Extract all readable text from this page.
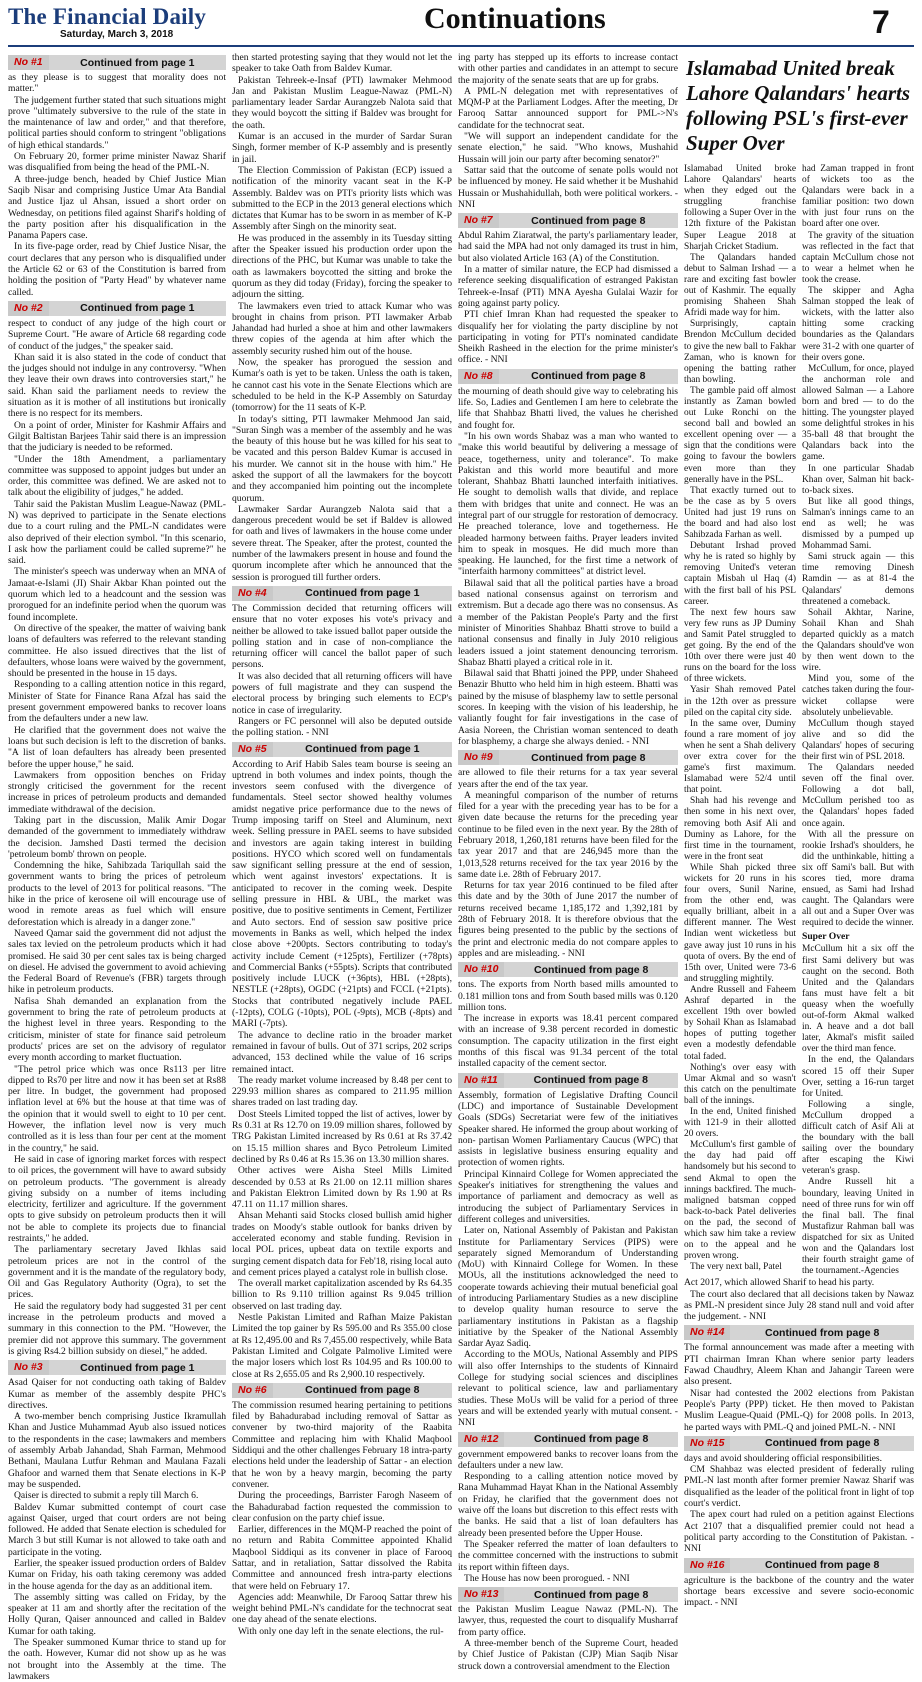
The Financial Daily
Saturday, March 3, 2018	Continuations	7
No #1	Continued from page 1

as they please is to suggest that morality does not matter."

The judgement further stated that such situations might prove "ultimately subversive to the rule of the state in the maintenance of law and order," and that therefore, political parties should conform to stringent "obligations of high ethical standards."

On February 20, former prime minister Nawaz Sharif was disqualified from being the head of the PML-N.

A three-judge bench, headed by Chief Justice Mian Saqib Nisar and comprising Justice Umar Ata Bandial and Justice Ijaz ul Ahsan, issued a short order on Wednesday, on petitions filed against Sharif's holding of the party position after his disqualification in the Panama Papers case.

In its five-page order, read by Chief Justice Nisar, the court declares that any person who is disqualified under the Article 62 or 63 of the Constitution is barred from holding the position of "Party Head" by whatever name called.

No #2	Continued from page 1

respect to conduct of any judge of the high court or Supreme Court. "He aware of Article 68 regarding code of conduct of the judges," the speaker said.

Khan said it is also stated in the code of conduct that the judges should not indulge in any controversy. "When they leave their own draws into controversies start," he said. Khan said the parliament needs to review the situation as it is mother of all institutions but ironically there is no respect for its members.

On a point of order, Minister for Kashmir Affairs and Gilgit Baltistan Barjees Tahir said there is an impression that the judiciary is needed to be reformed.

"Under the 18th Amendment, a parliamentary committee was supposed to appoint judges but under an order, this committee was defined. We are asked not to talk about the eligibility of judges," he added.

Tahir said the Pakistan Muslim League-Nawaz (PML-N) was deprived to participate in the Senate elections due to a court ruling and the PML-N candidates were also deprived of their election symbol. "In this scenario, I ask how the parliament could be called supreme?" he said.

The minister's speech was underway when an MNA of Jamaat-e-Islami (JI) Shair Akbar Khan pointed out the quorum which led to a headcount and the session was prorogued for an indefinite period when the quorum was found incomplete.

On directive of the speaker, the matter of waiving bank loans of defaulters was referred to the relevant standing committee. He also issued directives that the list of defaulters, whose loans were waived by the government, should be presented in the house in 15 days.

Responding to a calling attention notice in this regard, Minister of State for Finance Rana Afzal has said the present government empowered banks to recover loans from the defaulters under a new law.

He clarified that the government does not waive the loans but such decision is left to the discretion of banks. "A list of loan defaulters has already been presented before the upper house," he said.

Lawmakers from opposition benches on Friday strongly criticised the government for the recent increase in prices of petroleum products and demanded immediate withdrawal of the decision.

Taking part in the discussion, Malik Amir Dogar demanded of the government to immediately withdraw the decision. Jamshed Dasti termed the decision 'petroleum bomb' thrown on people.

Condemning the hike, Sahibzada Tariqullah said the government wants to bring the prices of petroleum products to the level of 2013 for political reasons. "The hike in the price of kerosene oil will encourage use of wood in remote areas as fuel which will ensure deforestation which is already in a danger zone."

Naveed Qamar said the government did not adjust the sales tax levied on the petroleum products which it had promised. He said 30 per cent sales tax is being charged on diesel. He advised the government to avoid achieving the Federal Board of Revenue's (FBR) targets through hike in petroleum products.

Nafisa Shah demanded an explanation from the government to bring the rate of petroleum products at the highest level in three years. Responding to the criticism, minister of state for finance said petroleum products' prices are set on the advisory of regulator every month according to market fluctuation.

"The petrol price which was once Rs113 per litre dipped to Rs70 per litre and now it has been set at Rs88 per litre. In budget, the government had proposed inflation level at 6% but the house at that time was of the opinion that it would swell to eight to 10 per cent. However, the inflation level now is very much controlled as it is less than four per cent at the moment in the country," he said.

He said in case of ignoring market forces with respect to oil prices, the government will have to award subsidy on petroleum products. "The government is already giving subsidy on a number of items including electricity, fertilizer and agriculture. If the government opts to give subsidy on petroleum products then it will not be able to complete its projects due to financial restraints," he added.

The parliamentary secretary Javed Ikhlas said petroleum prices are not in the control of the government and it is the mandate of the regulatory body, Oil and Gas Regulatory Authority (Ogra), to set the prices.

He said the regulatory body had suggested 31 per cent increase in the petroleum products and moved a summary in this connection to the PM. "However, the premier did not approve this summary. The government is giving Rs4.2 billion subsidy on diesel," he added.

No #3	Continued from page 1

Asad Qaiser for not conducting oath taking of Baldev Kumar as member of the assembly despite PHC's directives.

A two-member bench comprising Justice Ikramullah Khan and Justice Muhammad Ayub also issued notices to the respondents in the case; lawmakers and members of assembly Arbab Jahandad, Shah Farman, Mehmood Bethani, Maulana Lutfur Rehman and Maulana Fazali Ghafoor and warned them that Senate elections in K-P may be suspended.

Qaiser is directed to submit a reply till March 6.

Baldev Kumar submitted contempt of court case against Qaiser, urged that court orders are not being followed. He added that Senate election is scheduled for March 3 but still Kumar is not allowed to take oath and participate in the voting.

Earlier, the speaker issued production orders of Baldev Kumar on Friday, his oath taking ceremony was added in the house agenda for the day as an additional item.

The assembly sitting was called on Friday, by the speaker at 11 am and shortly after the recitation of the Holly Quran, Qaiser announced and called in Baldev Kumar for oath taking.

The Speaker summoned Kumar thrice to stand up for the oath. However, Kumar did not show up as he was not brought into the Assembly at the time. The lawmakers

then started protesting saying that they would not let the speaker to take Oath from Baldev Kumar.

Pakistan Tehreek-e-Insaf (PTI) lawmaker Mehmood Jan and Pakistan Muslim League-Nawaz (PML-N) parliamentary leader Sardar Aurangzeb Nalota said that they would boycott the sitting if Baldev was brought for the oath.

Kumar is an accused in the murder of Sardar Suran Singh, former member of K-P assembly and is presently in jail.

The Election Commission of Pakistan (ECP) issued a notification of the minority vacant seat in the K-P Assembly. Baldev was on PTI's priority lists which was submitted to the ECP in the 2013 general elections which dictates that Kumar has to be sworn in as member of K-P Assembly after Singh on the minority seat.

He was produced in the assembly in its Tuesday sitting after the Speaker issued his production order upon the directions of the PHC, but Kumar was unable to take the oath as lawmakers boycotted the sitting and broke the quorum as they did today (Friday), forcing the speaker to adjourn the sitting.

The lawmakers even tried to attack Kumar who was brought in chains from prison. PTI lawmaker Arbab Jahandad had hurled a shoe at him and other lawmakers threw copies of the agenda at him after which the assembly security rushed him out of the house.

Now, the speaker has prorogued the session and Kumar's oath is yet to be taken. Unless the oath is taken, he cannot cast his vote in the Senate Elections which are scheduled to be held in the K-P Assembly on Saturday (tomorrow) for the 11 seats of K-P.

In today's sitting, PTI lawmaker Mehmood Jan said, "Suran Singh was a member of the assembly and he was the beauty of this house but he was killed for his seat to be vacated and this person Baldev Kumar is accused in his murder. We cannot sit in the house with him." He asked the support of all the lawmakers for the boycott and they accompanied him pointing out the incomplete quorum.

Lawmaker Sardar Aurangzeb Nalota said that a dangerous precedent would be set if Baldev is allowed for oath and lives of lawmakers in the house come under severe threat. The Speaker, after the protest, counted the number of the lawmakers present in house and found the quorum incomplete after which he announced that the session is prorogued till further orders.

No #4	Continued from page 1

The Commission decided that returning officers will ensure that no voter exposes his vote's privacy and neither be allowed to take issued ballot paper outside the polling station and in case of non-compliance the returning officer will cancel the ballot paper of such persons.

It was also decided that all returning officers will have powers of full magistrate and they can suspend the electoral process by bringing such elements to ECP's notice in case of irregularity.

Rangers or FC personnel will also be deputed outside the polling station. - NNI

No #5	Continued from page 1

According to Arif Habib Sales team bourse is seeing an uptrend in both volumes and index points, though the investors seem confused with the divergence of fundamentals. Steel sector showed healthy volumes amidst negative price performance due to the news of Trump imposing tariff on Steel and Aluminum, next week. Selling pressure in PAEL seems to have subsided and investors are again taking interest in building positions. HYCO which scored well on fundamentals saw significant selling pressure at the end of session, which went against investors' expectations. It is anticipated to recover in the coming week. Despite selling pressure in HBL & UBL, the market was positive, due to positive sentiments in Cement, Fertilizer and Auto sectors. End of session saw positive price movements in Banks as well, which helped the index close above +200pts. Sectors contributing to today's activity include Cement (+125pts), Fertilizer (+78pts) and Commercial Banks (+55pts). Scripts that contributed positively include LUCK (+36pts), HBL (+28pts), NESTLE (+28pts), OGDC (+21pts) and FCCL (+21pts). Stocks that contributed negatively include PAEL (-12pts), COLG (-10pts), POL (-9pts), MCB (-8pts) and MARI (-7pts).

The advance to decline ratio in the broader market remained in favour of bulls. Out of 371 scrips, 202 scrips advanced, 153 declined while the value of 16 scrips remained intact.

The ready market volume increased by 8.48 per cent to 229.93 million shares as compared to 211.95 million shares traded on last trading day.

Dost Steels Limited topped the list of actives, lower by Rs 0.31 at Rs 12.70 on 19.09 million shares, followed by TRG Pakistan Limited increased by Rs 0.61 at Rs 37.42 on 15.15 million shares and Byco Petroleum Limited declined by Rs 0.46 at Rs 15.36 on 13.30 million shares.

Other actives were Aisha Steel Mills Limited descended by 0.53 at Rs 21.00 on 12.11 million shares and Pakistan Elektron Limited down by Rs 1.90 at Rs 47.11 on 11.17 million shares.

Ahsan Mehanti said Stocks closed bullish amid higher trades on Moody's stable outlook for banks driven by accelerated economy and stable funding. Revision in local POL prices, upbeat data on textile exports and surging cement dispatch data for Feb'18, rising local auto and cement prices played a catalyst role in bullish close.

The overall market capitalization ascended by Rs 64.35 billion to Rs 9.110 trillion against Rs 9.045 trillion observed on last trading day.

Nestle Pakistan Limited and Rafhan Maize Pakistan Limited the top gainer by Rs 595.00 and Rs 355.00 close at Rs 12,495.00 and Rs 7,455.00 respectively, while Bata Pakistan Limited and Colgate Palmolive Limited were the major losers which lost Rs 104.95 and Rs 100.00 to close at Rs 2,655.05 and Rs 2,900.10 respectively.

No #6	Continued from page 8

The commission resumed hearing pertaining to petitions filed by Bahadurabad including removal of Sattar as convener by two-third majority of the Raabita Committee and replacing him with Khalid Maqbool Siddiqui and the other challenges February 18 intra-party elections held under the leadership of Sattar - an election that he won by a heavy margin, becoming the party convener.

During the proceedings, Barrister Farogh Naseem of the Bahadurabad faction requested the commission to clear confusion on the party chief issue.

Earlier, differences in the MQM-P reached the point of no return and Rabita Committee appointed Khalid Maqbool Siddiqui as its convener in place of Farooq Sattar, and in retaliation, Sattar dissolved the Rabita Committee and announced fresh intra-party elections that were held on February 17.

Agencies add: Meanwhile, Dr Farooq Sattar threw his weight behind PML-N's candidate for the technocrat seat one day ahead of the senate elections.

With only one day left in the senate elections, the rul-

ing party has stepped up its efforts to increase contact with other parties and candidates in an attempt to secure the majority of the senate seats that are up for grabs.

A PML-N delegation met with representatives of MQM-P at the Parliament Lodges. After the meeting, Dr Farooq Sattar announced support for PML->N's candidate for the technocrat seat.

"We will support an independent candidate for the senate election," he said. "Who knows, Mushahid Hussain will join our party after becoming senator?"

Sattar said that the outcome of senate polls would not be influenced by money. He said whether it be Mushahid Hussain or Mushahidullah, both were political workers. - NNI

No #7	Continued from page 8

Abdul Rahim Ziaratwal, the party's parliamentary leader, had said the MPA had not only damaged its trust in him, but also violated Article 163 (A) of the Constitution.

In a matter of similar nature, the ECP had dismissed a reference seeking disqualification of estranged Pakistan Tehreek-e-Insaf (PTI) MNA Ayesha Gulalai Wazir for going against party policy.

PTI chief Imran Khan had requested the speaker to disqualify her for violating the party discipline by not participating in voting for PTI's nominated candidate Sheikh Rasheed in the election for the prime minister's office. - NNI

No #8	Continued from page 8

the mourning of death should give way to celebrating his life. So, Ladies and Gentlemen I am here to celebrate the life that Shahbaz Bhatti lived, the values he cherished and fought for.

"In his own words Shabaz was a man who wanted to "make this world beautiful by delivering a message of peace, togetherness, unity and tolerance". To make Pakistan and this world more beautiful and more tolerant, Shahbaz Bhatti launched interfaith initiatives. He sought to demolish walls that divide, and replace them with bridges that unite and connect. He was an integral part of our struggle for restoration of democracy. He preached tolerance, love and togetherness. He pleaded harmony between faiths. Prayer leaders invited him to speak in mosques. He did much more than speaking. He launched, for the first time a network of "interfaith harmony committees" at district level.

Bilawal said that all the political parties have a broad based national consensus against on terrorism and extremism. But a decade ago there was no consensus. As a member of the Pakistan People's Party and the first minister of Minorities Shahbaz Bhatti strove to build a national consensus and finally in July 2010 religious leaders issued a joint statement denouncing terrorism. Shabaz Bhatti played a critical role in it.

Bilawal said that Bhatti joined the PPP, under Shaheed Benazir Bhutto who held him in high esteem. Bhatti was pained by the misuse of blasphemy law to settle personal scores. In keeping with the vision of his leadership, he valiantly fought for fair investigations in the case of Aasia Noreen, the Christian woman sentenced to death for blasphemy, a charge she always denied. - NNI

No #9	Continued from page 8

are allowed to file their returns for a tax year several years after the end of the tax year.

A meaningful comparison of the number of returns filed for a year with the preceding year has to be for a given date because the returns for the preceding year continue to be filed even in the next year. By the 28th of February 2018, 1,260,181 returns have been filed for the tax year 2017 and that are 246,945 more than the 1,013,528 returns received for the tax year 2016 by the same date i.e. 28th of February 2017.

Returns for tax year 2016 continued to be filed after this date and by the 30th of June 2017 the number of returns received became 1,185,172 and 1,392,181 by 28th of February 2018. It is therefore obvious that the figures being presented to the public by the sections of the print and electronic media do not compare apples to apples and are misleading. - NNI

No #10	Continued from page 8

tons. The exports from North based mills amounted to 0.181 million tons and from South based mills was 0.120 million tons.

The increase in exports was 18.41 percent compared with an increase of 9.38 percent recorded in domestic consumption. The capacity utilization in the first eight months of this fiscal was 91.34 percent of the total installed capacity of the cement sector.

No #11	Continued from page 8

Assembly, formation of Legislative Drafting Council (LDC) and importance of Sustainable Development Goals (SDGs) Secretariat were few of the initiatives Speaker shared. He informed the group about working of non- partisan Women Parliamentary Caucus (WPC) that assists in legislative business ensuring equality and protection of women rights.

Principal Kinnaird College for Women appreciated the Speaker's initiatives for strengthening the values and importance of parliament and democracy as well as introducing the subject of Parliamentary Services in different colleges and universities.

Later on, National Assembly of Pakistan and Pakistan Institute for Parliamentary Services (PIPS) were separately signed Memorandum of Understanding (MoU) with Kinnaird College for Women. In these MOUs, all the institutions acknowledged the need to cooperate towards achieving their mutual beneficial goal of introducing Parliamentary Studies as a new discipline to develop quality human resource to serve the parliamentary institutions in Pakistan as a flagship initiative by the Speaker of the National Assembly Sardar Ayaz Sadiq.

According to the MOUs, National Assembly and PIPS will also offer Internships to the students of Kinnaird College for studying social sciences and disciplines relevant to political science, law and parliamentary studies. These MoUs will be valid for a period of three years and will be extended yearly with mutual consent. - NNI

No #12	Continued from page 8

government empowered banks to recover loans from the defaulters under a new law.

Responding to a calling attention notice moved by Rana Muhammad Hayat Khan in the National Assembly on Friday, he clarified that the government does not waive off the loans but discretion to this effect rests with the banks. He said that a list of loan defaulters has already been presented before the Upper House.

The Speaker referred the matter of loan defaulters to the committee concerned with the instructions to submit its report within fifteen days.

The House has now been prorogued. - NNI

No #13	Continued from page 8

the Pakistan Muslim League Nawaz (PML-N). The lawyer, thus, requested the court to disqualify Musharraf from party office.

A three-member bench of the Supreme Court, headed by Chief Justice of Pakistan (CJP) Mian Saqib Nisar struck down a controversial amendment to the Election

Islamabad United break Lahore Qalandars' hearts following PSL's first-ever Super Over

Islamabad United broke Lahore Qalandars' hearts when they edged out the struggling franchise following a Super Over in the 12th fixture of the Pakistan Super League 2018 at Sharjah Cricket Stadium.

The Qalandars handed debut to Salman Irshad — a rare and exciting fast bowler out of Kashmir. The equally promising Shaheen Shah Afridi made way for him.

Surprisingly, captain Brendon McCullum decided to give the new ball to Fakhar Zaman, who is known for opening the batting rather than bowling.

The gamble paid off almost instantly as Zaman bowled out Luke Ronchi on the second ball and bowled an excellent opening over — a sign that the conditions were going to favour the bowlers even more than they generally have in the PSL.

That exactly turned out to be the case as by 5 overs United had just 19 runs on the board and had also lost Sahibzada Farhan as well.

Debutant Irshad proved why he is rated so highly by removing United's veteran captain Misbah ul Haq (4) with the first ball of his PSL career.

The next few hours saw very few runs as JP Duminy and Samit Patel struggled to get going. By the end of the 10th over there were just 40 runs on the board for the loss of three wickets.

Yasir Shah removed Patel in the 12th over as pressure piled on the capital city side.

In the same over, Duminy found a rare moment of joy when he sent a Shah delivery over extra cover for the game's first maximum. Islamabad were 52/4 until that point.

Shah had his revenge and then some in his next over, removing both Asif Ali and Duminy as Lahore, for the first time in the tournament, were in the front seat

While Shah picked three wickets for 20 runs in his four overs, Sunil Narine, from the other end, was equally brilliant, albeit in a different manner. The West Indian went wicketless but gave away just 10 runs in his quota of overs. By the end of 15th over, United were 73-6 and struggling mightily.

Andre Russell and Faheem Ashraf departed in the excellent 19th over bowled by Sohail Khan as Islamabad hopes of putting together even a modestly defendable total faded.

Nothing's over easy with Umar Akmal and so wasn't this catch on the penultimate ball of the innings.

In the end, United finished with 121-9 in their allotted 20 overs.

McCullum's first gamble of the day had paid off handsomely but his second to send Akmal to open the innings backfired. The much-maligned batsman copped back-to-back Patel deliveries on the pad, the second of which saw him take a review on to the appeal and he proven wrong.

The very next ball, Patel

had Zaman trapped in front of wickets too as the Qalandars were back in a familiar position: two down with just four runs on the board after one over.

The gravity of the situation was reflected in the fact that captain McCullum chose not to wear a helmet when he took the crease.

The skipper and Agha Salman stopped the leak of wickets, with the latter also hitting some cracking boundaries as the Qalandars were 31-2 with one quarter of their overs gone.

McCullum, for once, played the anchorman role and allowed Salman — a Lahore born and bred — to do the hitting. The youngster played some delightful strokes in his 35-ball 48 that brought the Qalandars back into the game.

In one particular Shadab Khan over, Salman hit back-to-back sixes.

But like all good things, Salman's innings came to an end as well; he was dismissed by a pumped up Mohammad Sami.

Sami struck again — this time removing Dinesh Ramdin — as at 81-4 the Qalandars' demons threatened a comeback.

Sohail Akhtar, Narine, Sohail Khan and Shah departed quickly as a match the Qalandars should've won by then went down to the wire.

Mind you, some of the catches taken during the four-wicket collapse were absolutely unbelievable.

McCullum though stayed alive and so did the Qalandars' hopes of securing their first win of PSL 2018.

The Qalandars needed seven off the final over. Following a dot ball, McCullum perished too as the Qalandars' hopes faded once again.

With all the pressure on rookie Irshad's shoulders, he did the unthinkable, hitting a six off Sami's ball. But with scores tied, more drama ensued, as Sami had Irshad caught. The Qalandars were all out and a Super Over was required to decide the winner.

Super Over

McCullum hit a six off the first Sami delivery but was caught on the second. Both United and the Qalandars fans must have felt a bit queasy when the woefully out-of-form Akmal walked in. A heave and a dot ball later, Akmal's misfit sailed over the third man fence.

In the end, the Qalandars scored 15 off their Super Over, setting a 16-run target for United.

Following a single, McCullum dropped a difficult catch of Asif Ali at the boundary with the ball sailing over the boundary after escaping the Kiwi veteran's grasp.

Andre Russell hit a boundary, leaving United in need of three runs for win off the final ball. The final Mustafizur Rahman ball was dispatched for six as United won and the Qalandars lost their fourth straight game of the tournament.-Agencies

Act 2017, which allowed Sharif to head his party.

The court also declared that all decisions taken by Nawaz as PML-N president since July 28 stand null and void after the judgement. - NNI

No #14	Continued from page 8

The formal announcement was made after a meeting with PTI chairman Imran Khan where senior party leaders Fawad Chaudhry, Aleem Khan and Jahangir Tareen were also present.

Nisar had contested the 2002 elections from Pakistan People's Party (PPP) ticket. He then moved to Pakistan Muslim League-Quaid (PML-Q) for 2008 polls. In 2013, he parted ways with PML-Q and joined PML-N. - NNI

No #15	Continued from page 8

days and avoid shouldering official responsibilities.

CM Shahbaz was elected president of federally ruling PML-N last month after former premier Nawaz Sharif was disqualified as the leader of the political front in light of top court's verdict.

The apex court had ruled on a petition against Elections Act 2107 that a disqualified premier could not head a political party according to the Constitution of Pakistan. - NNI

No #16	Continued from page 8

agriculture is the backbone of the country and the water shortage bears excessive and severe socio-economic impact. - NNI
